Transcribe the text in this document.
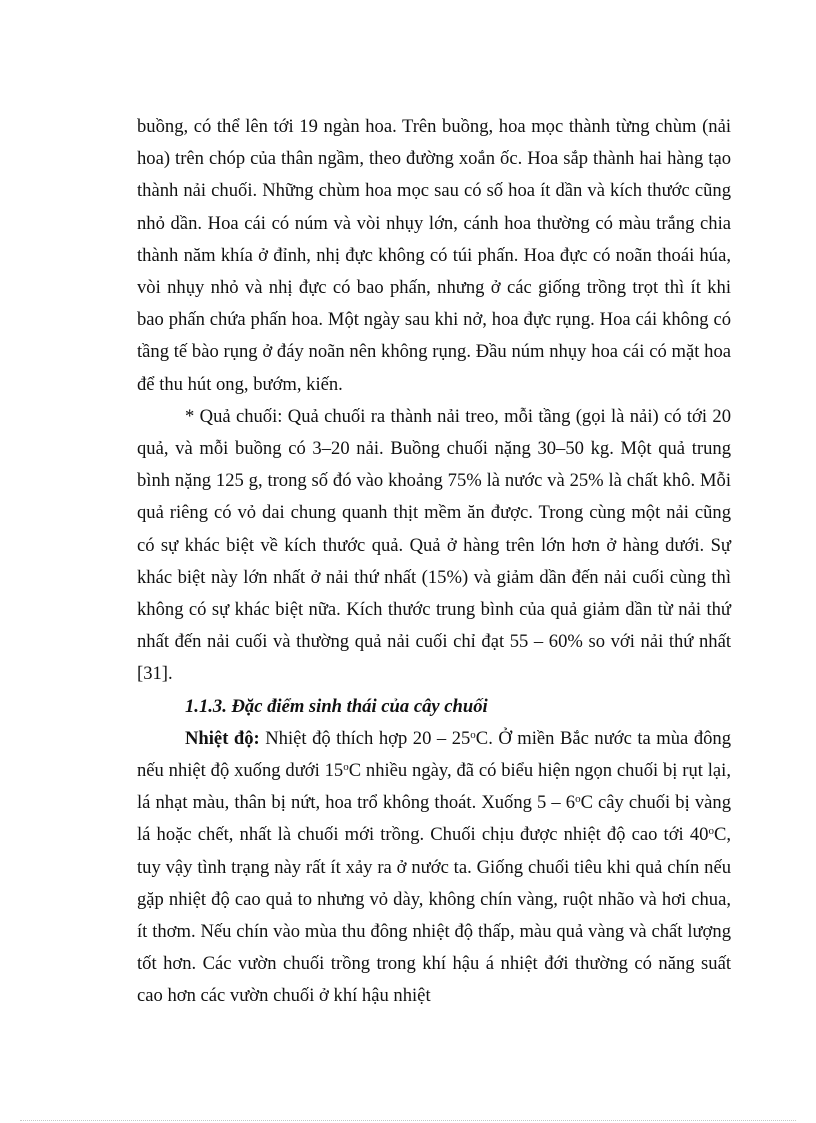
buồng, có thể lên tới 19 ngàn hoa. Trên buồng, hoa mọc thành từng chùm (nải hoa) trên chóp của thân ngầm, theo đường xoắn ốc. Hoa sắp thành hai hàng tạo thành nải chuối. Những chùm hoa mọc sau có số hoa ít dần và kích thước cũng nhỏ dần. Hoa cái có núm và vòi nhụy lớn, cánh hoa thường có màu trắng chia thành năm khía ở đỉnh, nhị đực không có túi phấn. Hoa đực có noãn thoái húa, vòi nhụy nhỏ và nhị đực có bao phấn, nhưng ở các giống trồng trọt thì ít khi bao phấn chứa phấn hoa. Một ngày sau khi nở, hoa đực rụng. Hoa cái không có tầng tế bào rụng ở đáy noãn nên không rụng. Đầu núm nhụy hoa cái có mặt hoa để thu hút ong, bướm, kiến.

* Quả chuối: Quả chuối ra thành nải treo, mỗi tầng (gọi là nải) có tới 20 quả, và mỗi buồng có 3–20 nải. Buồng chuối nặng 30–50 kg. Một quả trung bình nặng 125 g, trong số đó vào khoảng 75% là nước và 25% là chất khô. Mỗi quả riêng có vỏ dai chung quanh thịt mềm ăn được. Trong cùng một nải cũng có sự khác biệt về kích thước quả. Quả ở hàng trên lớn hơn ở hàng dưới. Sự khác biệt này lớn nhất ở nải thứ nhất (15%) và giảm dần đến nải cuối cùng thì không có sự khác biệt nữa. Kích thước trung bình của quả giảm dần từ nải thứ nhất đến nải cuối và thường quả nải cuối chỉ đạt 55 – 60% so với nải thứ nhất [31].

1.1.3. Đặc điểm sinh thái của cây chuối

Nhiệt độ: Nhiệt độ thích hợp 20 – 25$^o$C. Ở miền Bắc nước ta mùa đông nếu nhiệt độ xuống dưới 15$^o$C nhiều ngày, đã có biểu hiện ngọn chuối bị rụt lại, lá nhạt màu, thân bị nứt, hoa trổ không thoát. Xuống 5 – 6$^o$C cây chuối bị vàng lá hoặc chết, nhất là chuối mới trồng. Chuối chịu được nhiệt độ cao tới 40$^o$C, tuy vậy tình trạng này rất ít xảy ra ở nước ta. Giống chuối tiêu khi quả chín nếu gặp nhiệt độ cao quả to nhưng vỏ dày, không chín vàng, ruột nhão và hơi chua, ít thơm. Nếu chín vào mùa thu đông nhiệt độ thấp, màu quả vàng và chất lượng tốt hơn. Các vườn chuối trồng trong khí hậu á nhiệt đới thường có năng suất cao hơn các vườn chuối ở khí hậu nhiệt
